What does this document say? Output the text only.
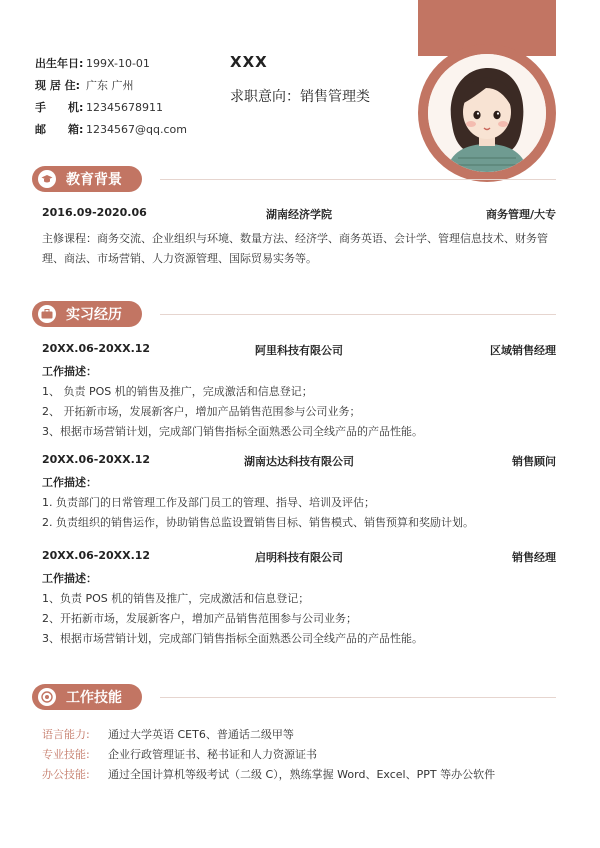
出生年日: 199X-10-01
现 居 住: 广东 广州
手　　机: 12345678911
邮　　箱: 1234567@qq.com
XXX
求职意向：销售管理类
教育背景
2016.09-2020.06	湖南经济学院	商务管理/大专
主修课程：商务交流、企业组织与环境、数量方法、经济学、商务英语、会计学、管理信息技术、财务管理、商法、市场营销、人力资源管理、国际贸易实务等。
实习经历
20XX.06-20XX.12	阿里科技有限公司	区域销售经理
工作描述：
1、 负责 POS 机的销售及推广，完成激活和信息登记；
2、 开拓新市场，发展新客户，增加产品销售范围参与公司业务；
3、根据市场营销计划，完成部门销售指标全面熟悉公司全线产品的产品性能。
20XX.06-20XX.12	湖南达达科技有限公司	销售顾问
工作描述：
1. 负责部门的日常管理工作及部门员工的管理、指导、培训及评估；
2. 负责组织的销售运作，协助销售总监设置销售目标、销售模式、销售预算和奖励计划。
20XX.06-20XX.12	启明科技有限公司	销售经理
工作描述：
1、负责 POS 机的销售及推广，完成激活和信息登记；
2、开拓新市场，发展新客户，增加产品销售范围参与公司业务；
3、根据市场营销计划，完成部门销售指标全面熟悉公司全线产品的产品性能。
工作技能
语言能力:	通过大学英语 CET6、普通话二级甲等
专业技能:	企业行政管理证书、秘书证和人力资源证书
办公技能:	通过全国计算机等级考试（二级 C），熟练掌握 Word、Excel、PPT 等办公软件
